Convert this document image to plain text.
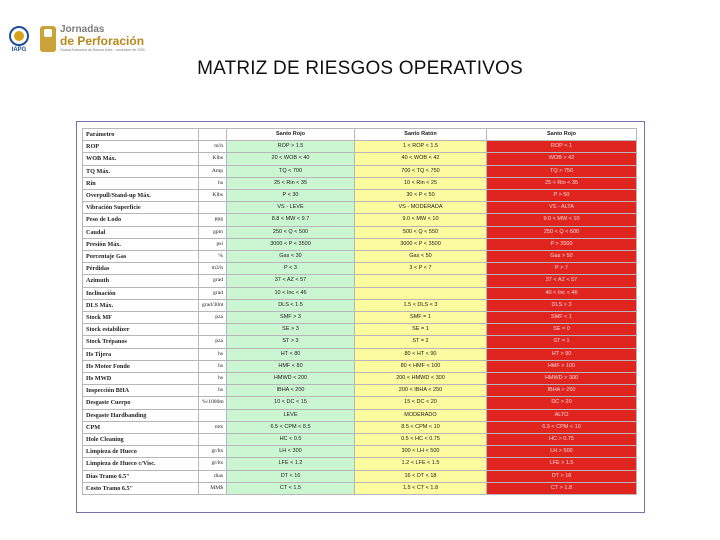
IAPG
Jornadas
de Perforación
Ciudad Autónoma de Buenos Aires · noviembre de 2009
MATRIZ DE RIESGOS OPERATIVOS
Parámetro		Santo Rojo	Santo Ratón	Santo Rojo
ROP	m/h	ROP > 1.5	1 < ROP < 1.5	ROP < 1
WOB Máx.	Klbs	20 < WOB < 40	40 < WOB < 42	WOB > 42
TQ Máx.	Amp	TQ < 700	700 < TQ < 750	TQ > 750
Rin	hs	25 < Rin < 35	10 < Rin < 25	25 < Rin < 35
Overpull/Stand-up Máx.	Klbs	P < 30	30 < P < 50	P > 50
Vibración Superficie		VS - LEVE	VS - MODERADA	VS - ALTA
Peso de Lodo	ppg	8.8 < MW < 9.7	9.0 < MW < 10	9.0 < MW < 10
Caudal	gpm	250 < Q < 500	500 < Q < 550	250 < Q < 600
Presión Máx.	psi	3000 < P < 3500	3000 < P < 3500	P > 3500
Porcentaje Gas	%	Gas < 30	Gas < 50	Gas > 50
Pérdidas	m3/h	P < 3	3 < P < 7	P > 7
Azimuth	grad	37 < AZ < 57		37 < AZ < 57
Inclinación	grad	10 < Inc < 46		40 < Inc < 46
DLS Máx.	grad/30m	DLS < 1.5	1.5 < DLS < 3	DLS > 3
Stock MF	pza	SMF > 3	SMF = 1	SMF < 1
Stock estabilizer		SE > 3	SE = 1	SE = 0
Stock Trépanos	pza	ST > 3	ST = 2	ST = 1
Hs Tijera	hs	HT < 80	80 < HT < 90	HT > 90
Hs Motor Fondo	hs	HMF < 80	80 < HMF < 100	HMF > 100
Hs MWD	hs	HMWD < 200	200 < HMWD < 300	HMWD > 300
Inspección BHA	hs	IBHA < 200	200 < IBHA < 250	IBHA > 250
Desgaste Cuerpo	%/1000m	10 < DC < 15	15 < DC < 20	DC > 20
Desgaste Hardbanding		LEVE	MODERADO	ALTO
CPM	mts	6.5 < CPM < 8.5	8.5 < CPM < 10	6.5 < CPM < 10
Hole Cleaning		HC < 0.5	0.5 < HC < 0.75	HC > 0.75
Limpieza de Hueco	gr/lts	LH < 300	300 < LH < 500	LH > 500
Limpieza de Hueco c/Visc.	gr/lts	LFE < 1.2	1.2 < LFE < 1.5	LFE > 1.5
Días Tramo 6.5"	días	DT < 16	16 < DT < 18	DT > 18
Costo Tramo 6.5"	MM$	CT < 1.5	1.5 < CT < 1.8	CT > 1.8
